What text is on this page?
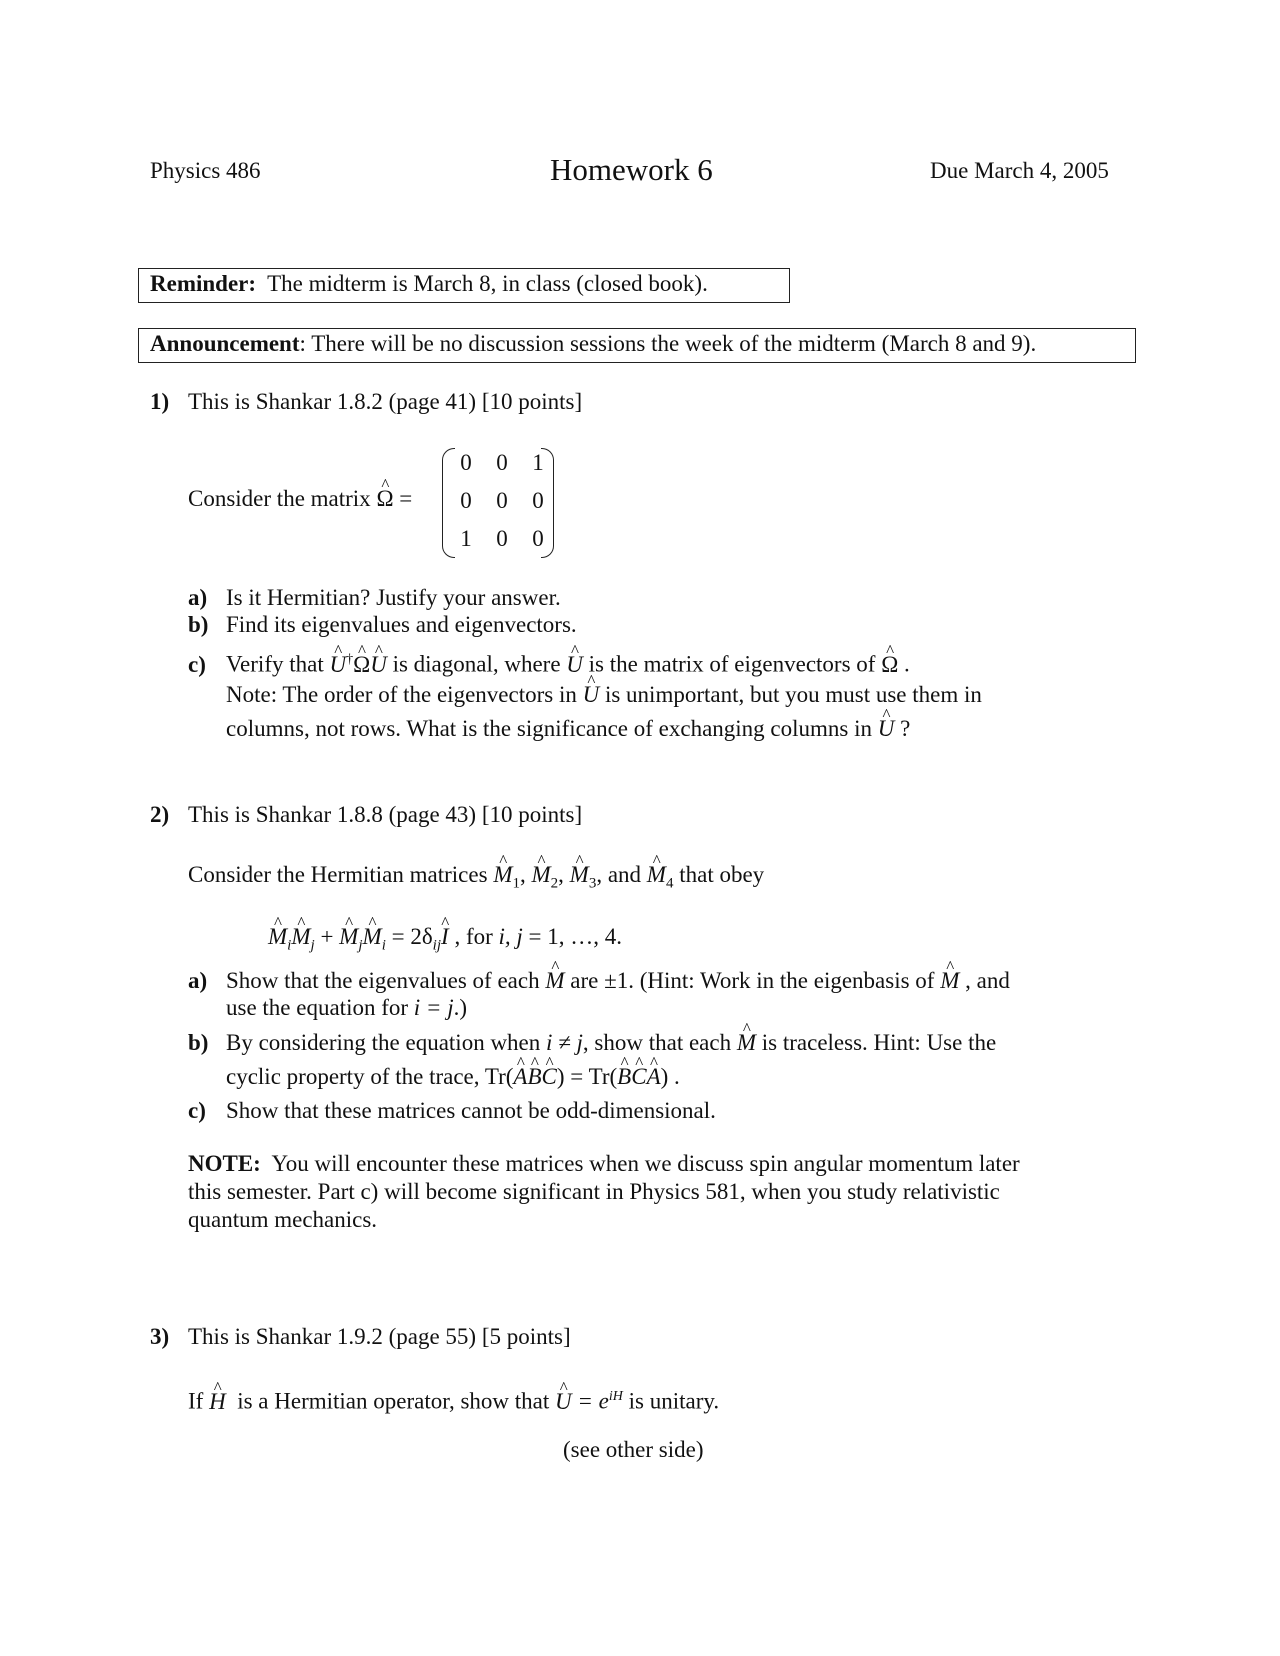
Physics 486	Homework 6	Due March 4, 2005
Reminder:  The midterm is March 8, in class (closed book).
Announcement: There will be no discussion sessions the week of the midterm (March 8 and 9).
1) This is Shankar 1.8.2 (page 41) [10 points]
Consider the matrix Ω ^ =
0 0 1
0 0 0
1 0 0
a) Is it Hermitian? Justify your answer.
b) Find its eigenvalues and eigenvectors.
c) Verify that U ^†Ω ^U ^ is diagonal, where U ^ is the matrix of eigenvectors of Ω ^ .
Note: The order of the eigenvectors in U ^ is unimportant, but you must use them in
columns, not rows. What is the significance of exchanging columns in U ^ ?
2) This is Shankar 1.8.8 (page 43) [10 points]
Consider the Hermitian matrices M $\^{}_1$, M $\^{}_2$, M $\^{}_3$, and M $\^{}_4$ that obey
M $\^{}_iM$ $\^{}_j + M$ $\^{}_jM$ $\^{}_i = 2\delta_{ij}I$ ^ , for i, j = 1, …, 4.
a) Show that the eigenvalues of each M ^ are ±1. (Hint: Work in the eigenbasis of M ^ , and
use the equation for i = j.)
b) By considering the equation when i ≠ j, show that each M ^ is traceless. Hint: Use the
cyclic property of the trace, Tr(A ^B ^C ^) = Tr(B ^C ^A ^) .
c) Show that these matrices cannot be odd-dimensional.
NOTE:  You will encounter these matrices when we discuss spin angular momentum later
this semester. Part c) will become significant in Physics 581, when you study relativistic
quantum mechanics.
3) This is Shankar 1.9.2 (page 55) [5 points]
If H ^  is a Hermitian operator, show that U ^ = $e^{iH}$ is unitary.
(see other side)
